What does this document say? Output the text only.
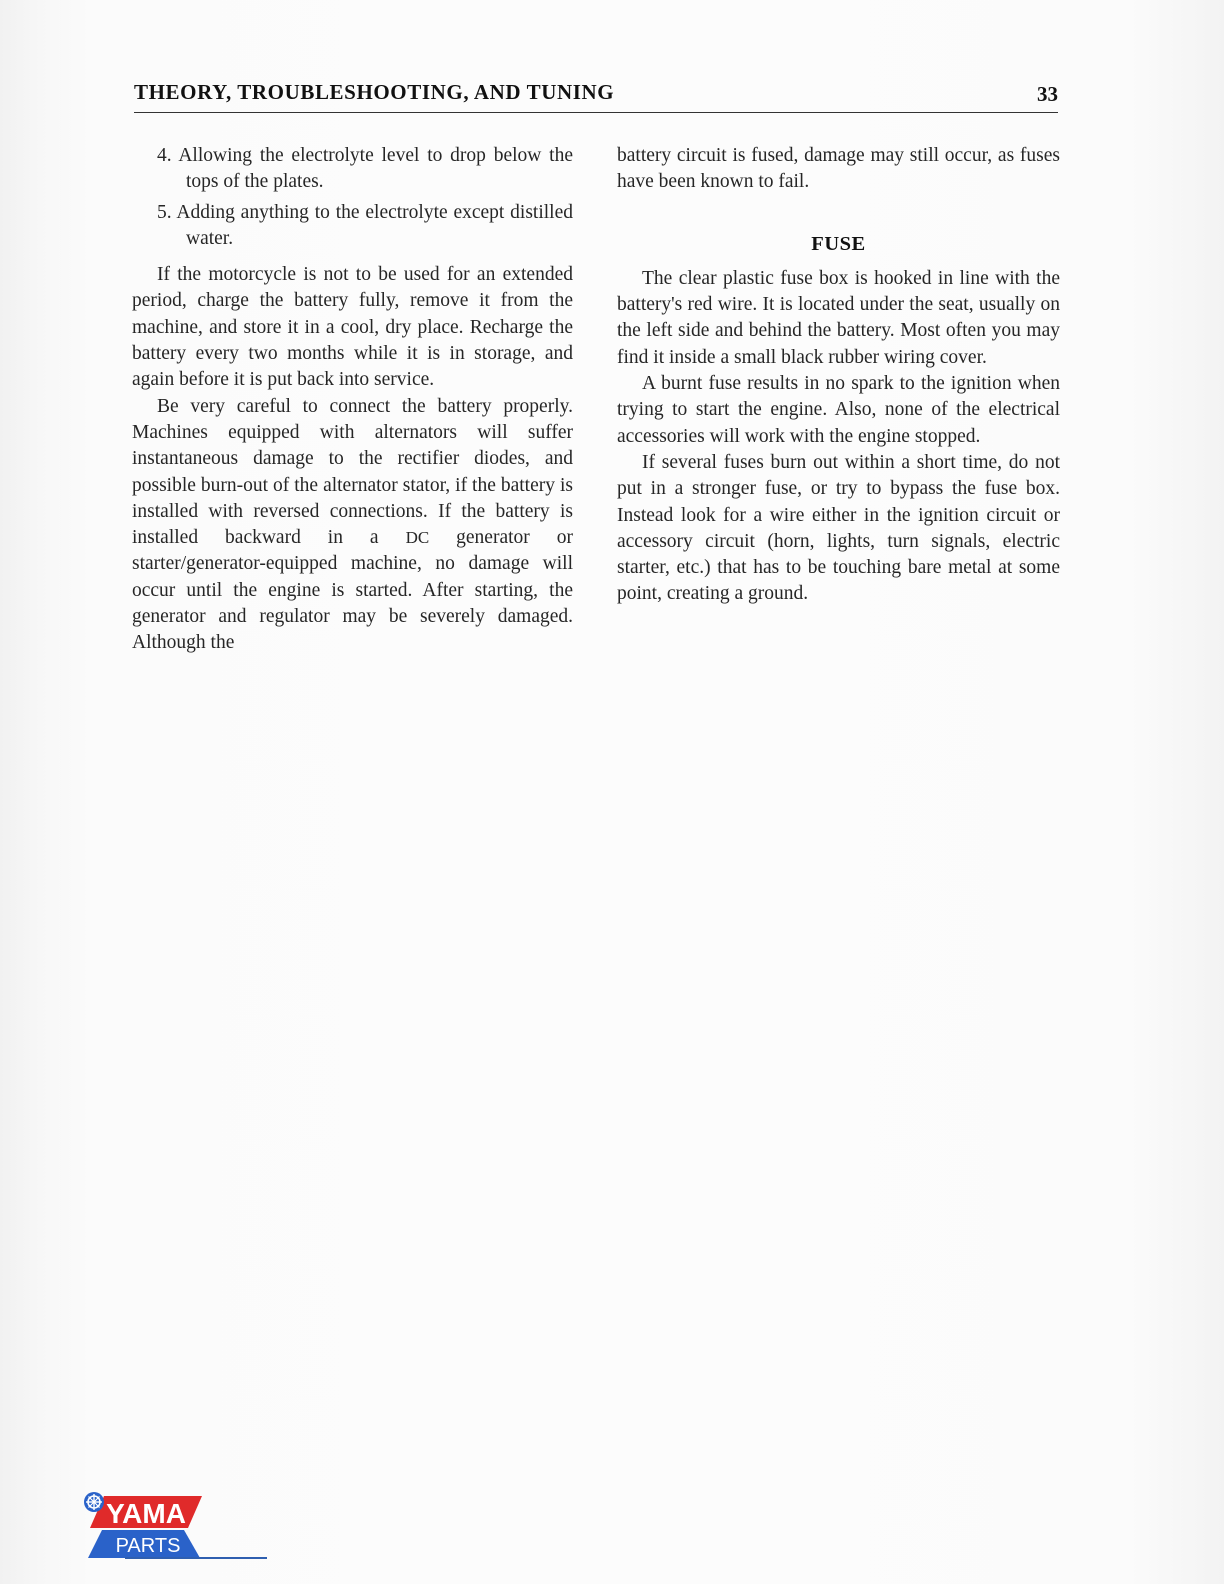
THEORY, TROUBLESHOOTING, AND TUNING	33

4. Allowing the electrolyte level to drop below the tops of the plates.

5. Adding anything to the electrolyte except distilled water.

If the motorcycle is not to be used for an extended period, charge the battery fully, remove it from the machine, and store it in a cool, dry place. Recharge the battery every two months while it is in storage, and again before it is put back into service.

Be very careful to connect the battery properly. Machines equipped with alternators will suffer instantaneous damage to the rectifier diodes, and possible burn-out of the alternator stator, if the battery is installed with reversed connections. If the battery is installed backward in a DC generator or starter/generator-equipped machine, no damage will occur until the engine is started. After starting, the generator and regulator may be severely damaged. Although the

battery circuit is fused, damage may still occur, as fuses have been known to fail.

FUSE

The clear plastic fuse box is hooked in line with the battery's red wire. It is located under the seat, usually on the left side and behind the battery. Most often you may find it inside a small black rubber wiring cover.

A burnt fuse results in no spark to the ignition when trying to start the engine. Also, none of the electrical accessories will work with the engine stopped.

If several fuses burn out within a short time, do not put in a stronger fuse, or try to bypass the fuse box. Instead look for a wire either in the ignition circuit or accessory circuit (horn, lights, turn signals, electric starter, etc.) that has to be touching bare metal at some point, creating a ground.

YAMA
PARTS
